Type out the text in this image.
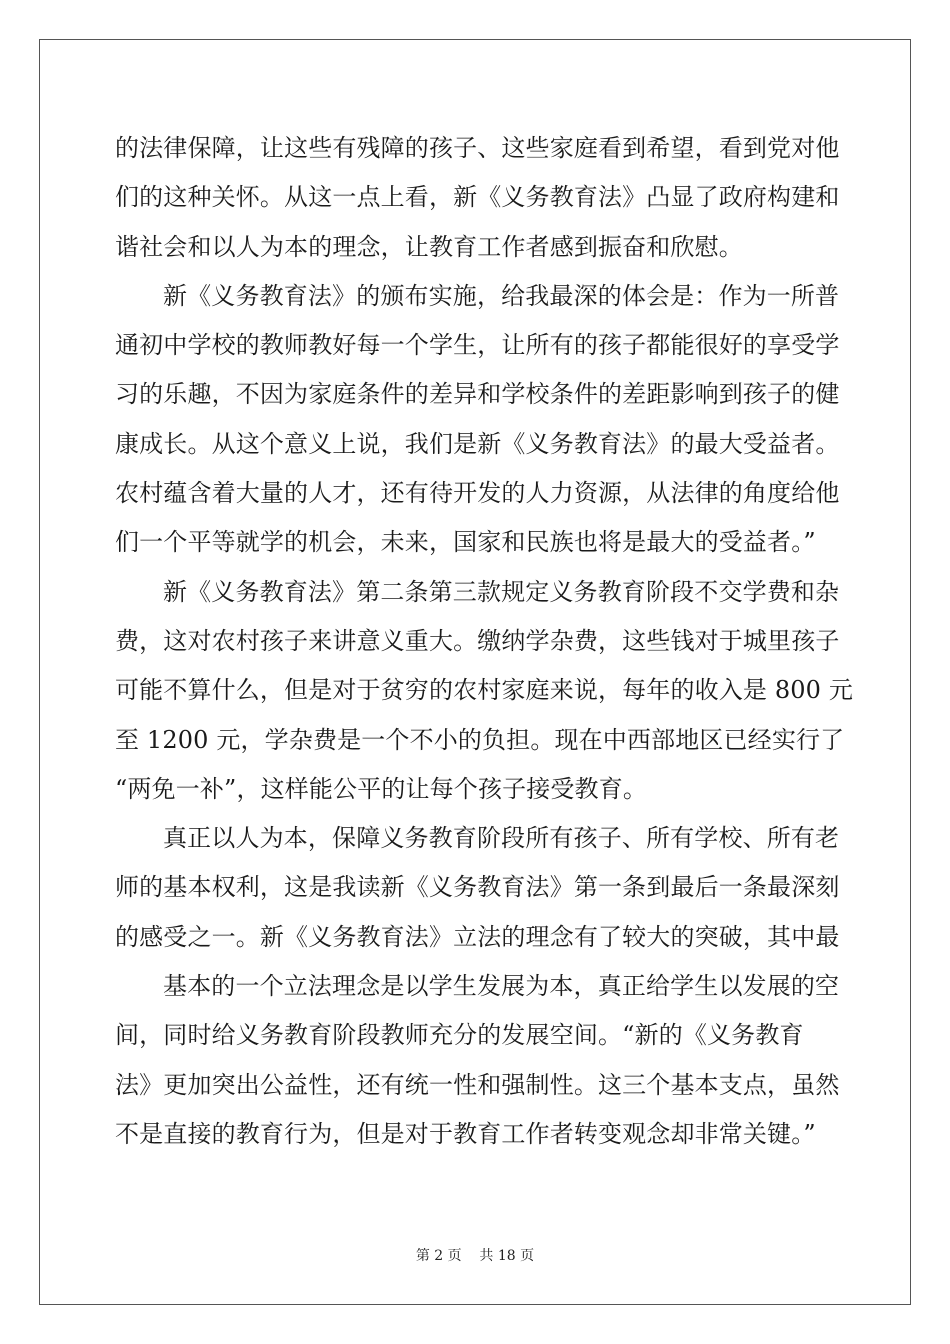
的法律保障，让这些有残障的孩子、这些家庭看到希望，看到党对他
们的这种关怀。从这一点上看，新《义务教育法》凸显了政府构建和
谐社会和以人为本的理念，让教育工作者感到振奋和欣慰。
新《义务教育法》的颁布实施，给我最深的体会是：作为一所普
通初中学校的教师教好每一个学生，让所有的孩子都能很好的享受学
习的乐趣，不因为家庭条件的差异和学校条件的差距影响到孩子的健
康成长。从这个意义上说，我们是新《义务教育法》的最大受益者。
农村蕴含着大量的人才，还有待开发的人力资源，从法律的角度给他
们一个平等就学的机会，未来，国家和民族也将是最大的受益者。”
新《义务教育法》第二条第三款规定义务教育阶段不交学费和杂
费，这对农村孩子来讲意义重大。缴纳学杂费，这些钱对于城里孩子
可能不算什么，但是对于贫穷的农村家庭来说，每年的收入是 800 元
至 1200 元，学杂费是一个不小的负担。现在中西部地区已经实行了
“两免一补”，这样能公平的让每个孩子接受教育。
真正以人为本，保障义务教育阶段所有孩子、所有学校、所有老
师的基本权利，这是我读新《义务教育法》第一条到最后一条最深刻
的感受之一。新《义务教育法》立法的理念有了较大的突破，其中最
基本的一个立法理念是以学生发展为本，真正给学生以发展的空
间，同时给义务教育阶段教师充分的发展空间。“新的《义务教育
法》更加突出公益性，还有统一性和强制性。这三个基本支点，虽然
不是直接的教育行为，但是对于教育工作者转变观念却非常关键。”
第 2 页    共 18 页
